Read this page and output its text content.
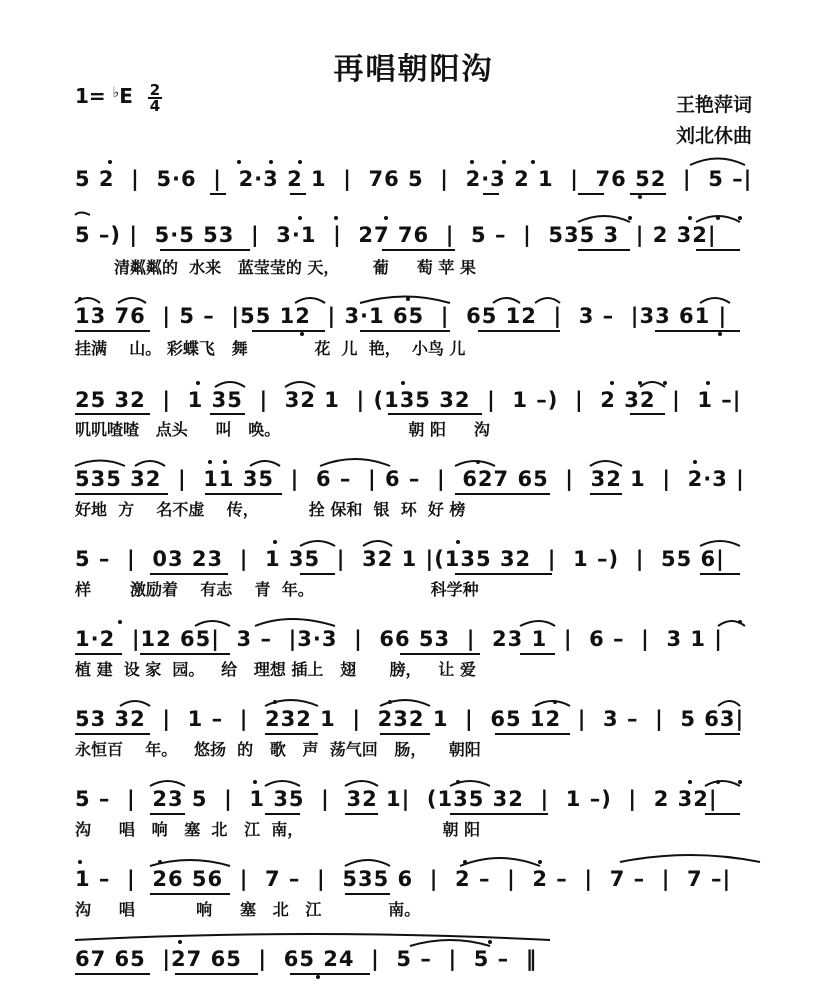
再唱朝阳沟
1= ♭E 2
4	王艳萍词
刘北休曲
5 2  |  5·6  |  2·3 2 1  |  76 5  |  2·3 2 1  |  76 52  |  5 –|
5 –) |  5·5 53  |  3·1  |  27 76  |  5 –  |  535 3  | 2 32|
清粼粼的  水来   蓝莹莹的 天，      葡     萄 苹 果
13 76  | 5 –  |55 12  | 3·1 65  |  65 12  |  3 –  |33 61 |
挂满    山。 彩蝶飞   舞            花  儿  艳，  小鸟 儿
25 32  |  1 35  |  32 1  | (135 32  |  1 –)  |  2 32  |  1 –|
叽叽喳喳   点头     叫   唤。                       朝 阳     沟
535 32  |  11 35  |  6 –  | 6 –  |  627 65  |  32 1  |  2·3 |
好地  方    名不虚    传，         拴 保和  银  环  好 榜
5 –  |  03 23  |  1 35  |  32 1 |(135 32  |  1 –)  |  55 6|
样       激励着    有志    青  年。                     科学种
1·2  |12 65|  3 –  |3·3  |  66 53  |  23 1  |  6 –  |  3 1 |
植 建  设 家  园。   给   理想 插上   翅      膀，   让 爱
53 32  |  1 –  |  232 1  |  232 1  |  65 12  |  3 –  |  5 63|
永恒百    年。   悠扬  的   歌   声  荡气回   肠，    朝阳
5 –  |  23 5  |  1 35  |  32 1|  (135 32  |  1 –)  |  2 32|
沟     唱   响   塞  北   江  南，                         朝 阳
1 –  |  26 56  |  7 –  |  535 6  |  2 –  |  2 –  |  7 –  |  7 –|
沟     唱           响     塞   北   江            南。
67 65  |27 65  |  65 24  |  5 –  |  5 –  ‖
